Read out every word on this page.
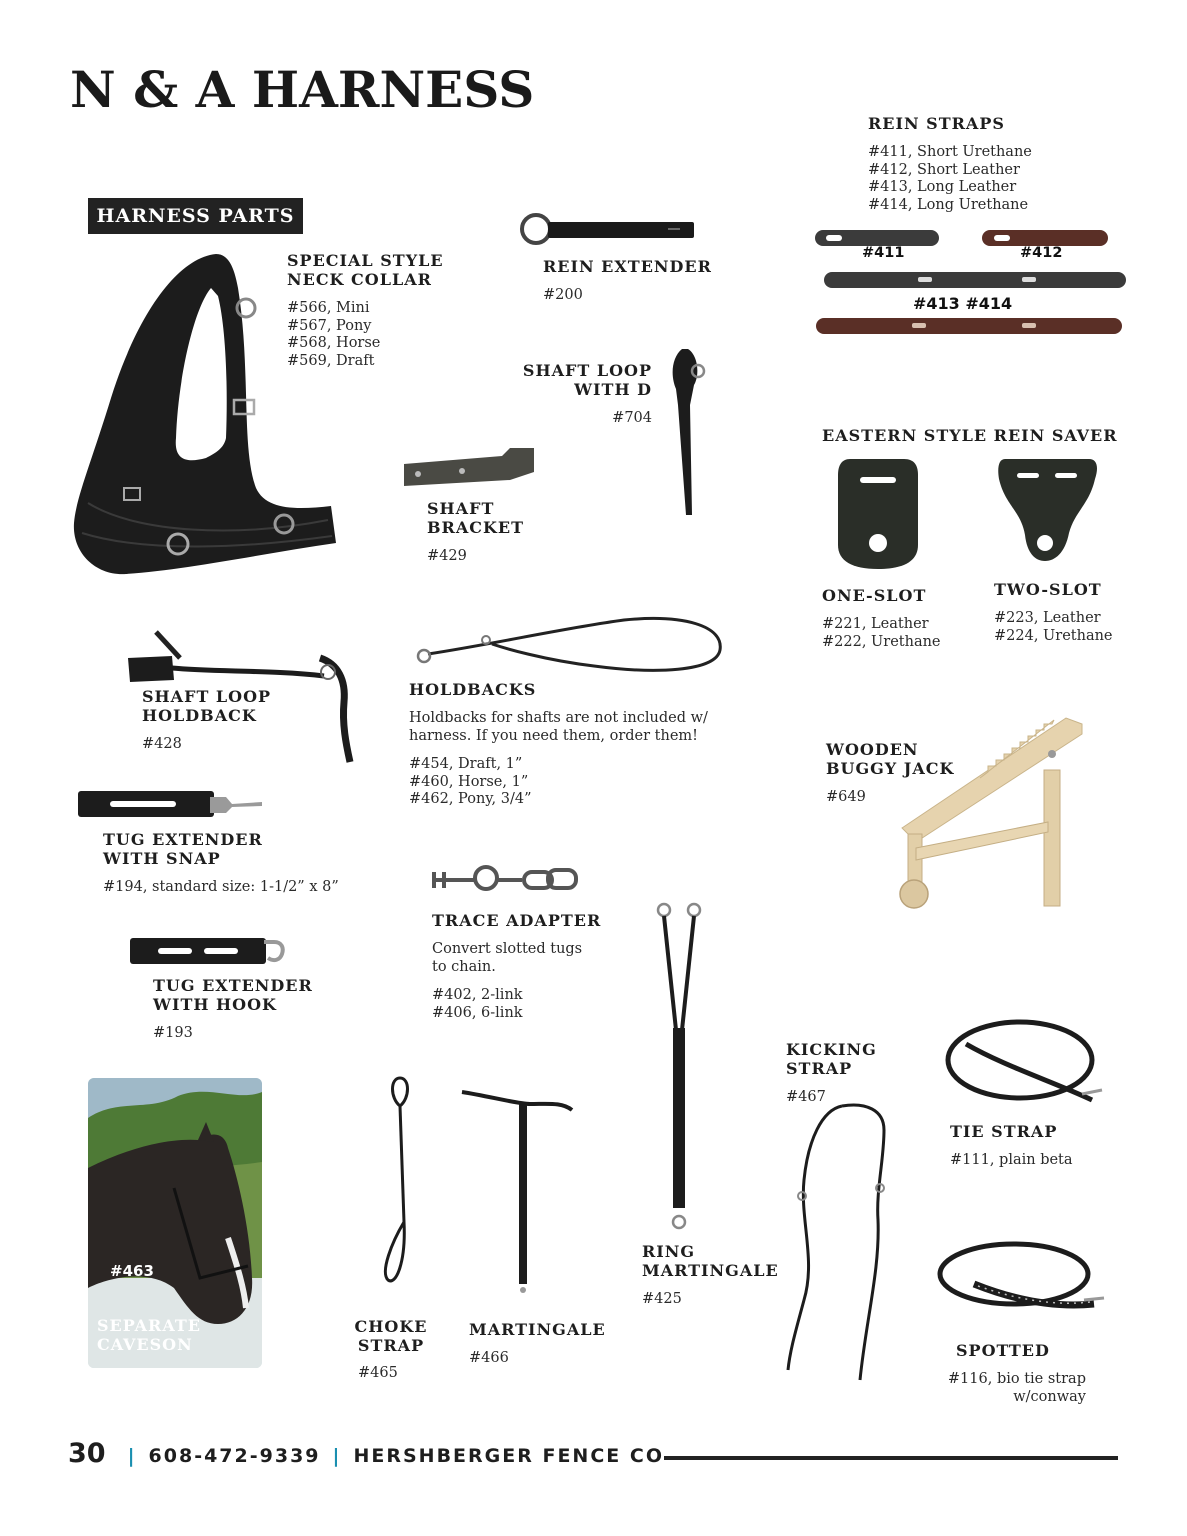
N & A HARNESS
HARNESS PARTS
SPECIAL STYLE
NECK COLLAR
#566, Mini
#567, Pony
#568, Horse
#569, Draft
REIN EXTENDER
#200
SHAFT LOOP
WITH D
#704
SHAFT
BRACKET
#429
REIN STRAPS
#411, Short Urethane
#412, Short Leather
#413, Long Leather
#414, Long Urethane
#411	#412
#413 #414
EASTERN STYLE REIN SAVER
ONE-SLOT
#221, Leather
#222, Urethane
TWO-SLOT
#223, Leather
#224, Urethane
SHAFT LOOP
HOLDBACK
#428
HOLDBACKS
Holdbacks for shafts are not included w/
harness. If you need them, order them!
#454, Draft, 1”
#460, Horse, 1”
#462, Pony, 3/4”
WOODEN
BUGGY JACK
#649
TUG EXTENDER
WITH SNAP
#194, standard size: 1-1/2” x 8”
TRACE ADAPTER
Convert slotted tugs
to chain.
#402, 2-link
#406, 6-link
TUG EXTENDER
WITH HOOK
#193
RING
MARTINGALE
#425
KICKING
STRAP
#467
TIE STRAP
#111, plain beta
#463
SEPARATE
CAVESON
CHOKE
STRAP
#465
MARTINGALE
#466	SPOTTED
#116, bio tie strap
w/conway
30 | 608-472-9339 | HERSHBERGER FENCE CO
